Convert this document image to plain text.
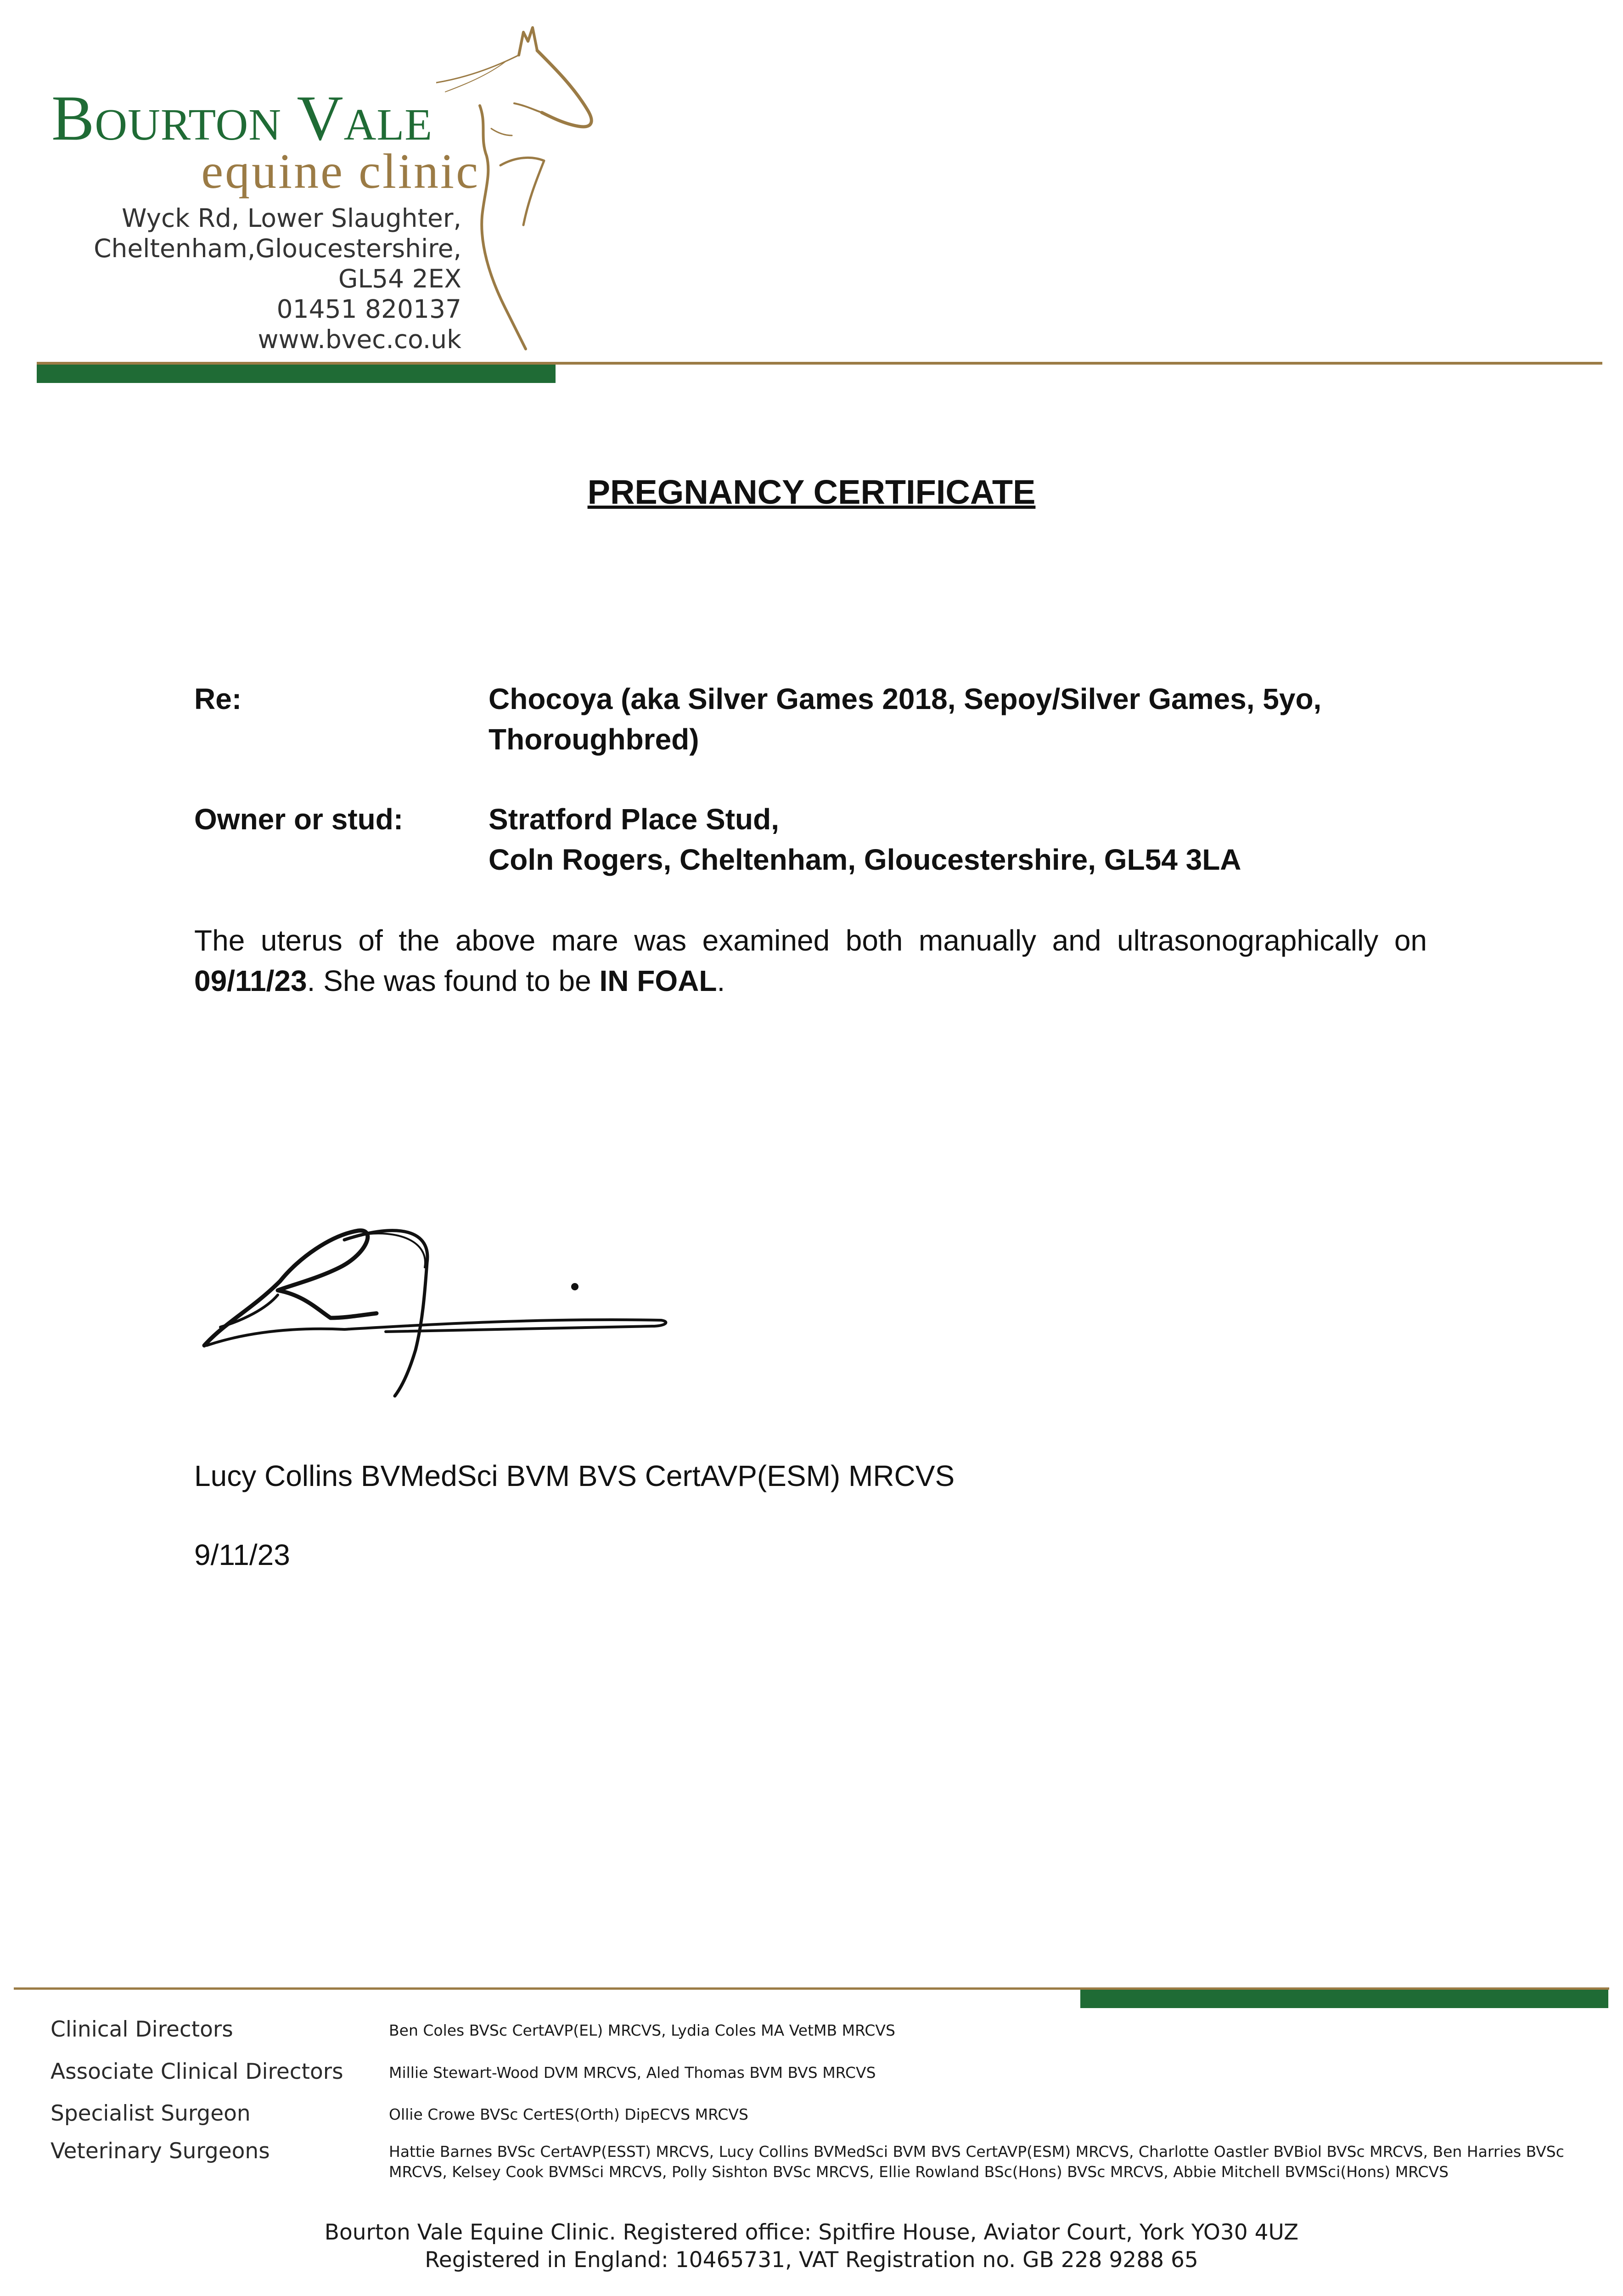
Bourton Vale
equine clinic
Wyck Rd, Lower Slaughter,
Cheltenham,Gloucestershire,
GL54 2EX
01451 820137
www.bvec.co.uk
PREGNANCY CERTIFICATE
Re:	Chocoya (aka Silver Games 2018, Sepoy/Silver Games, 5yo,
Thoroughbred)
Owner or stud:	Stratford Place Stud,
Coln Rogers, Cheltenham, Gloucestershire, GL54 3LA
The uterus of the above mare was examined both manually and ultrasonographically on 09/11/23. She was found to be IN FOAL.
Lucy Collins BVMedSci BVM BVS CertAVP(ESM) MRCVS
9/11/23
Clinical Directors	Ben Coles BVSc CertAVP(EL) MRCVS, Lydia Coles MA VetMB MRCVS
Associate Clinical Directors	Millie Stewart-Wood DVM MRCVS, Aled Thomas BVM BVS MRCVS
Specialist Surgeon	Ollie Crowe BVSc CertES(Orth) DipECVS MRCVS
Veterinary Surgeons	Hattie Barnes BVSc CertAVP(ESST) MRCVS, Lucy Collins BVMedSci BVM BVS CertAVP(ESM) MRCVS, Charlotte Oastler BVBiol BVSc MRCVS, Ben Harries BVSc MRCVS, Kelsey Cook BVMSci MRCVS, Polly Sishton BVSc MRCVS, Ellie Rowland BSc(Hons) BVSc MRCVS, Abbie Mitchell BVMSci(Hons) MRCVS
Bourton Vale Equine Clinic. Registered office: Spitfire House, Aviator Court, York YO30 4UZ
Registered in England: 10465731, VAT Registration no. GB 228 9288 65
